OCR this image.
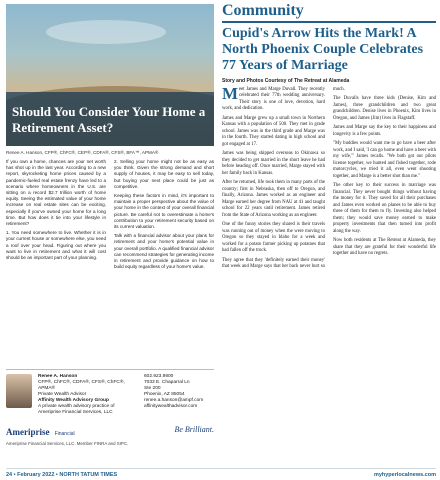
Should You Consider Your Home a Retirement Asset?
Renee A. Hanson, CFP®, ChFC®, CEP®, CDFA®, CFS®, BFA™, APMA®

If you own a home, chances are your net worth has shot up in the last year. According to a new report, skyrocketing home prices caused by a pandemic-fueled real estate frenzy have led to a scenario where homeowners in the U.S. are sitting on a record $2.7 trillion worth of home equity. Seeing the estimated value of your home increase on real estate sites can be exciting, especially if you've owned your home for a long time. But how does it tie into your lifestyle in retirement?

1. You need somewhere to live. Whether it is in your current house or somewhere else, you need a roof over your head. Figuring out where you want to live in retirement and what it will cost should be an important part of your planning.

2. Selling your home might not be as easy as you think. Given the strong demand and short supply of houses, it may be easy to sell today, but buying your next place could be just as competitive.

Keeping these factors in mind, it's important to maintain a proper perspective about the value of your home in the context of your overall financial picture. Be careful not to overestimate a home's contribution to your retirement security based on its current valuation.

Talk with a financial advisor about your plans for retirement and your home's potential value in your overall portfolio. A qualified financial advisor can recommend strategies for generating income in retirement and provide guidance on how to build equity regardless of your home's value.

Renee A. Hanson
CFP®, ChFC®, CDFA®, CFS®, ChFC®, APMA®
Private Wealth Advisor
Affinity Wealth Advisory Group
A private wealth advisory practice of Ameriprise Financial Services, LLC
602.923.9800
7033 E. Chaparral Ln
Ste 200
Phoenix, AZ 85054
renee.a.hanson@ampf.com
affinitywealthadvisor.com
Ameriprise Financial	Be Brilliant.
Ameriprise Financial Services, LLC. Member FINRA and SIPC.
Community
Cupid's Arrow Hits the Mark! A North Phoenix Couple Celebrates 77 Years of Marriage
Story and Photos Courtesy of The Retreat at Alameda

Meet James and Marge Duvall. They recently celebrated their 77th wedding anniversary. Their story is one of love, devotion, hard work, and dedication.

James and Marge grew up a small town in Northern Kansas with a population of 500. They met in grade school. James was in the third grade and Marge was in the fourth. They started dating in high school and got engaged at 17.

James was being shipped overseas to Okinawa so they decided to get married in the short leave he had before heading off. Once married, Marge stayed with her family back in Kansas.

After he returned, life took them in many parts of the country; first in Nebraska, then off to Oregon, and finally, Arizona. James worked as an engineer and Marge earned her degree from NAU at 41 and taught school for 22 years until retirement. James retired from the State of Arizona working as an engineer.

One of the funny stories they shared is their travels was running out of money when the were moving to Oregon so they stayed in Idaho for a week and worked for a potato farmer picking up potatoes that had fallen off the truck.

They agree that they 'definitely earned their money' that week and Marge says that her back never hurt so much.

The Duvalls have three kids (Denise, Kim and James), three grandchildren and two great grandchildren. Denise lives in Phoenix, Kim lives in Oregon, and James (Jim) lives in Flagstaff.

James and Marge say the key to their happiness and longevity is a few points.

"My buddies would want me to go have a beer after work, and I said, 'I can go home and have a beer with my wife,'" James recalls. "We both got our pilots license together, we hunted and fished together, rode motorcycles, we tried it all, even went shooting together, and Marge is a better shot than me."

The other key to their success in marriage was financial. They never bought things without having the money for it. They saved for all their purchases and James even worked on planes to be able to buy three of them for them to fly. Investing also helped them; they would save money earned to make property investments that then turned into profit along the way.

Now both residents at The Retreat at Alameda, they share that they are grateful for their wonderful life together and have no regrets.

24 • February 2022 • NORTH TATUM TIMES	myhyperlocalnews.com
